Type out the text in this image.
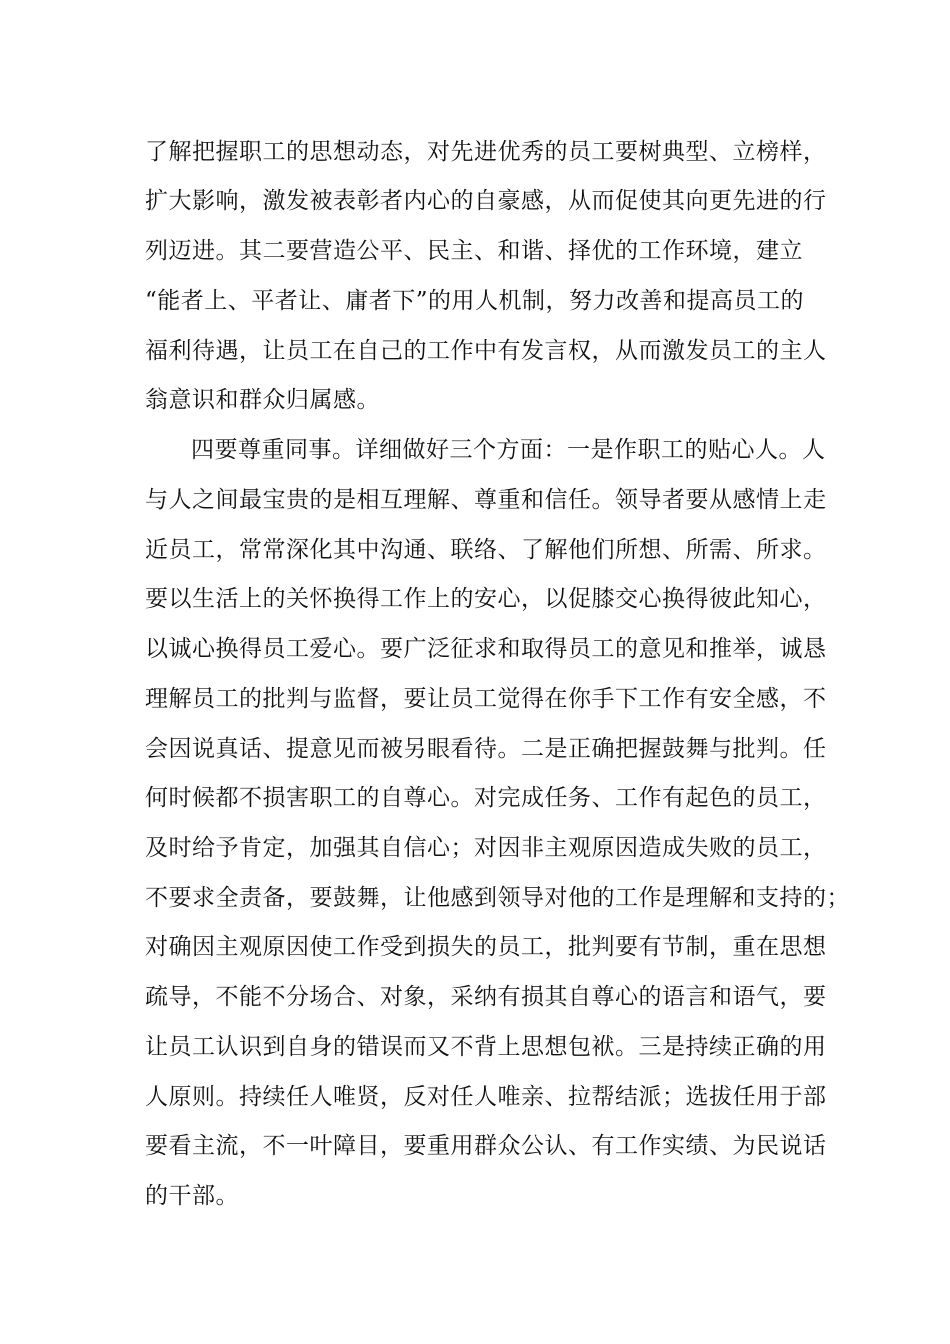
了解把握职工的思想动态，对先进优秀的员工要树典型、立榜样，
扩大影响，激发被表彰者内心的自豪感，从而促使其向更先进的行
列迈进。其二要营造公平、民主、和谐、择优的工作环境，建立
“能者上、平者让、庸者下”的用人机制，努力改善和提高员工的
福利待遇，让员工在自己的工作中有发言权，从而激发员工的主人
翁意识和群众归属感。
四要尊重同事。详细做好三个方面：一是作职工的贴心人。人
与人之间最宝贵的是相互理解、尊重和信任。领导者要从感情上走
近员工，常常深化其中沟通、联络、了解他们所想、所需、所求。
要以生活上的关怀换得工作上的安心，以促膝交心换得彼此知心，
以诚心换得员工爱心。要广泛征求和取得员工的意见和推举，诚恳
理解员工的批判与监督，要让员工觉得在你手下工作有安全感，不
会因说真话、提意见而被另眼看待。二是正确把握鼓舞与批判。任
何时候都不损害职工的自尊心。对完成任务、工作有起色的员工，
及时给予肯定，加强其自信心；对因非主观原因造成失败的员工，
不要求全责备，要鼓舞，让他感到领导对他的工作是理解和支持的；
对确因主观原因使工作受到损失的员工，批判要有节制，重在思想
疏导，不能不分场合、对象，采纳有损其自尊心的语言和语气，要
让员工认识到自身的错误而又不背上思想包袱。三是持续正确的用
人原则。持续任人唯贤，反对任人唯亲、拉帮结派；选拔任用于部
要看主流，不一叶障目，要重用群众公认、有工作实绩、为民说话
的干部。
